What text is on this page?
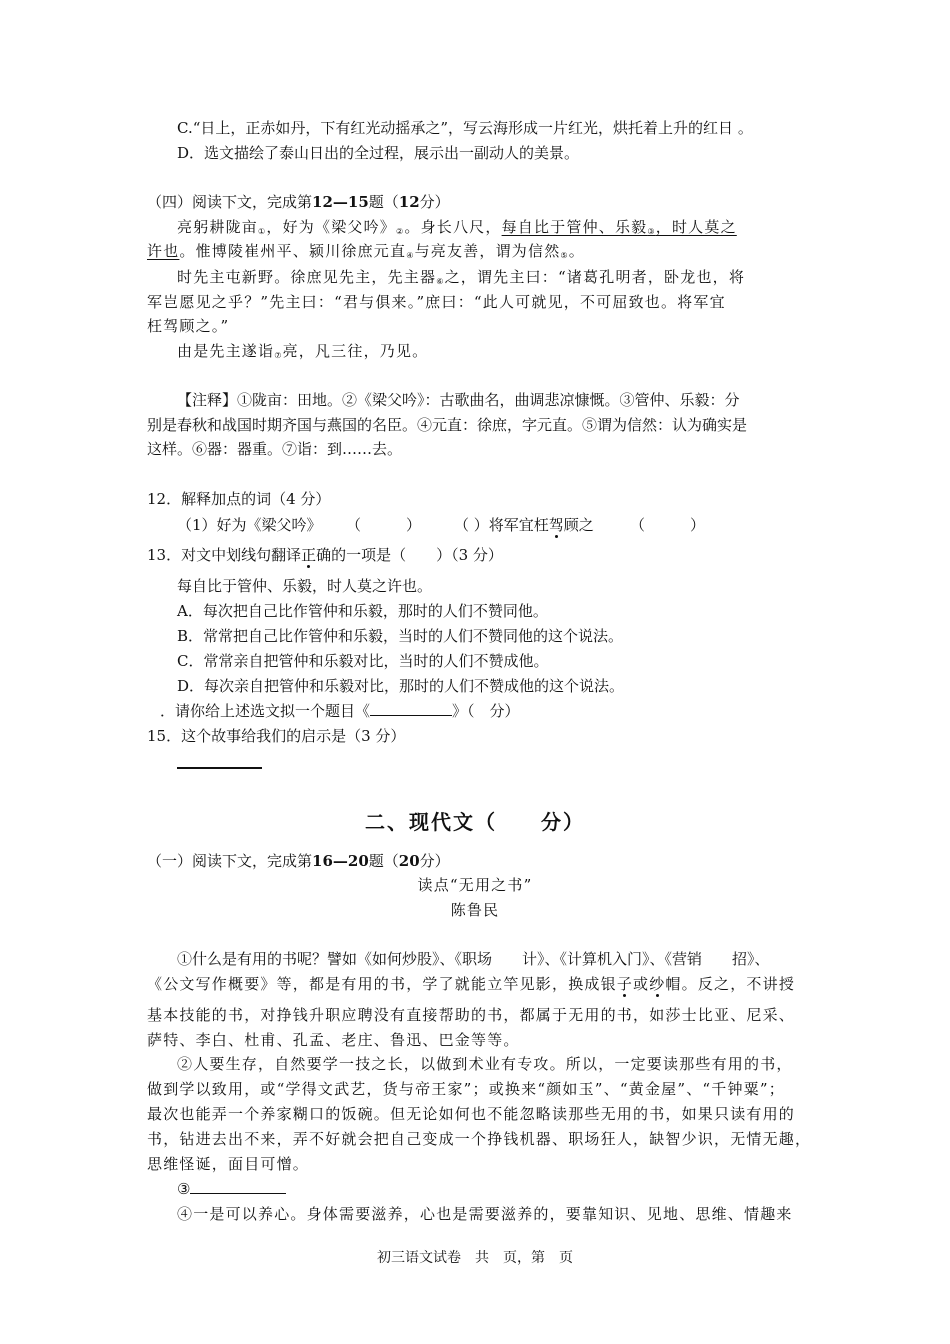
C.“日上，正赤如丹，下有红光动摇承之”，写云海形成一片红光，烘托着上升的红日 。
D．选文描绘了泰山日出的全过程，展示出一副动人的美景。
（四）阅读下文，完成第12—15题（12分）
亮躬耕陇亩①，好为《梁父吟》②。身长八尺，每自比于管仲、乐毅③，时人莫之
许也。惟博陵崔州平、颍川徐庶元直④与亮友善，谓为信然⑤。
时先主屯新野。徐庶见先主，先主器⑥之，谓先主曰：“诸葛孔明者，卧龙也，将
军岂愿见之乎？”先主曰：“君与俱来。”庶曰：“此人可就见，不可屈致也。将军宜
枉驾顾之。”
由是先主遂诣⑦亮，凡三往，乃见。
【注释】①陇亩：田地。②《梁父吟》：古歌曲名，曲调悲凉慷慨。③管仲、乐毅：分
别是春秋和战国时期齐国与燕国的名臣。④元直：徐庶，字元直。⑤谓为信然：认为确实是
这样。⑥器：器重。⑦诣：到……去。
12．解释加点的词（4 分）
（1）好为《梁父吟》 （　　　） （ ）将军宜枉驾顾之 （　　　）
13．对文中划线句翻译正确的一项是（　　）（3 分）
每自比于管仲、乐毅，时人莫之许也。
A．每次把自己比作管仲和乐毅，那时的人们不赞同他。
B．常常把自己比作管仲和乐毅，当时的人们不赞同他的这个说法。
C．常常亲自把管仲和乐毅对比，当时的人们不赞成他。
D．每次亲自把管仲和乐毅对比，那时的人们不赞成他的这个说法。
．请你给上述选文拟一个题目《	》（　分）
15．这个故事给我们的启示是（3 分）
二、现代文（　　分）
（一）阅读下文，完成第16—20题（20分）
读点“无用之书”
陈鲁民
①什么是有用的书呢？譬如《如何炒股》、《职场　　计》、《计算机入门》、《营销　　招》、
《公文写作概要》等，都是有用的书，学了就能立竿见影，换成银子或纱帽。反之，不讲授
基本技能的书，对挣钱升职应聘没有直接帮助的书，都属于无用的书，如莎士比亚、尼采、
萨特、李白、杜甫、孔孟、老庄、鲁迅、巴金等等。
②人要生存，自然要学一技之长，以做到术业有专攻。所以，一定要读那些有用的书，
做到学以致用，或“学得文武艺，货与帝王家”；或换来“颜如玉”、“黄金屋”、“千钟粟”；
最次也能弄一个养家糊口的饭碗。但无论如何也不能忽略读那些无用的书，如果只读有用的
书，钻进去出不来，弄不好就会把自己变成一个挣钱机器、职场狂人，缺智少识，无情无趣，
思维怪诞，面目可憎。
③
④一是可以养心。身体需要滋养，心也是需要滋养的，要靠知识、见地、思维、情趣来
初三语文试卷　共　页，第　页
